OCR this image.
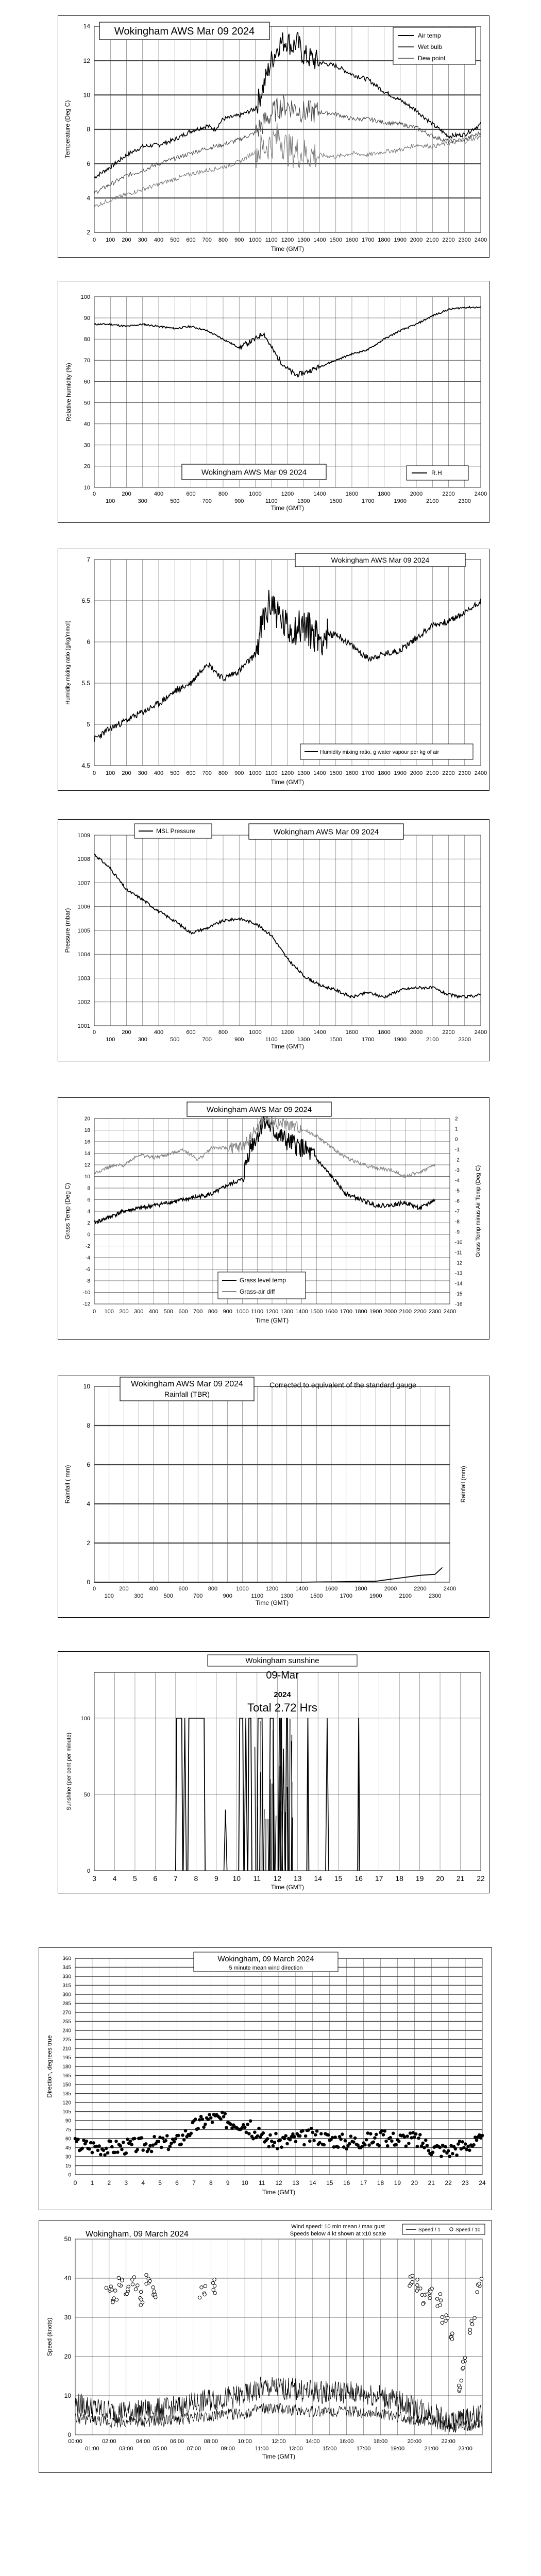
0 100 200 300 400 500 600 700 800 900 1000 1100 1200 1300 1400 1500 1600 1700 1800 1900 2000 2100 2200 2300 2400
2
4
6
8
10
12
14
Time (GMT)
Temperature (Deg C)
Wokingham AWS Mar 09 2024	Air temp
Wet bulb
Dew point
0	200	400	600	800	1000	1200	1400	1600	1800	2000	2200	2400
100	300	500	700	900	1100	1300	1500	1700	1900	2100	2300
10
20
30
40
50
60
70
80
90
100
Time (GMT)
Relative humidity (%)
Wokingham AWS Mar 09 2024	R.H
0 100 200 300 400 500 600 700 800 900 1000 1100 1200 1300 1400 1500 1600 1700 1800 1900 2000 2100 2200 2300 2400
4.5
5
5.5
6
6.5
7
Time (GMT)
Humidity mixing ratio (g/kg/mmol)
Wokingham AWS Mar 09 2024
Humidity mixing ratio, g water vapour per kg of air
0	200	400	600	800	1000	1200	1400	1600	1800	2000	2200	2400
100	300	500	700	900	1100	1300	1500	1700	1900	2100	2300
1001
1002
1003
1004
1005
1006
1007
1008
1009
Time (GMT)
Pressure (mbar)
Wokingham AWS Mar 09 2024
MSL Pressure
0 100 200 300 400 500 600 700 800 900 1000 1100 1200 1300 1400 1500 1600 1700 1800 1900 2000 2100 2200 2300 2400
-12
-10
-8
-6
-4
-2
0
2
4
6
8
10
12
14
16
18
20
-16
-15
-14
-13
-12
-11
-10
-9
-8
-7
-6
-5
-4
-3
-2
-1
0
1
2
Time (GMT)
Grass Temp (Deg C)	Grass Temp minus Air Temp (Deg C)
Wokingham AWS Mar 09 2024
Grass level temp
Grass-air diff
0	200	400	600	800	1000	1200	1400	1600	1800	2000	2200	2400
100	300	500	700	900	1100	1300	1500	1700	1900	2100	2300
0
2
4
6
8
10
Time (GMT)
Rainfall ( mm)	Rainfall (mm)
Wokingham AWS Mar 09 2024
Rainfall (TBR)
Corrected to equivalent of the standard gauge
3 4 5 6 7 8 9 10 11 12 13 14 15 16 17 18 19 20 21 22
0
50
100
Time (GMT)
Sunshine (per cent per minute)
Wokingham sunshine
09-Mar
2024
Total 2.72 Hrs
0 1 2 3 4 5 6 7 8 9 10 11 12 13 14 15 16 17 18 19 20 21 22 23 24
0
15
30
45
60
75
90
105
120
135
150
165
180
195
210
225
240
255
270
285
300
315
330
345
360
Time (GMT)
Direction, degrees true
Wokingham, 09 March 2024
5 minute mean wind direction
00:00	02:00	04:00	06:00	08:00	10:00	12:00	14:00	16:00	18:00	20:00	22:00
01:00	03:00	05:00	07:00	09:00	11:00	13:00	15:00	17:00	19:00	21:00	23:00
0
10
20
30
40
50
Time (GMT)
Speed (knots)
Wokingham, 09 March 2024
Wind speed: 10 min mean / max gust
Speeds below 4 kt shown at x10 scale
Speed / 1	Speed / 10
